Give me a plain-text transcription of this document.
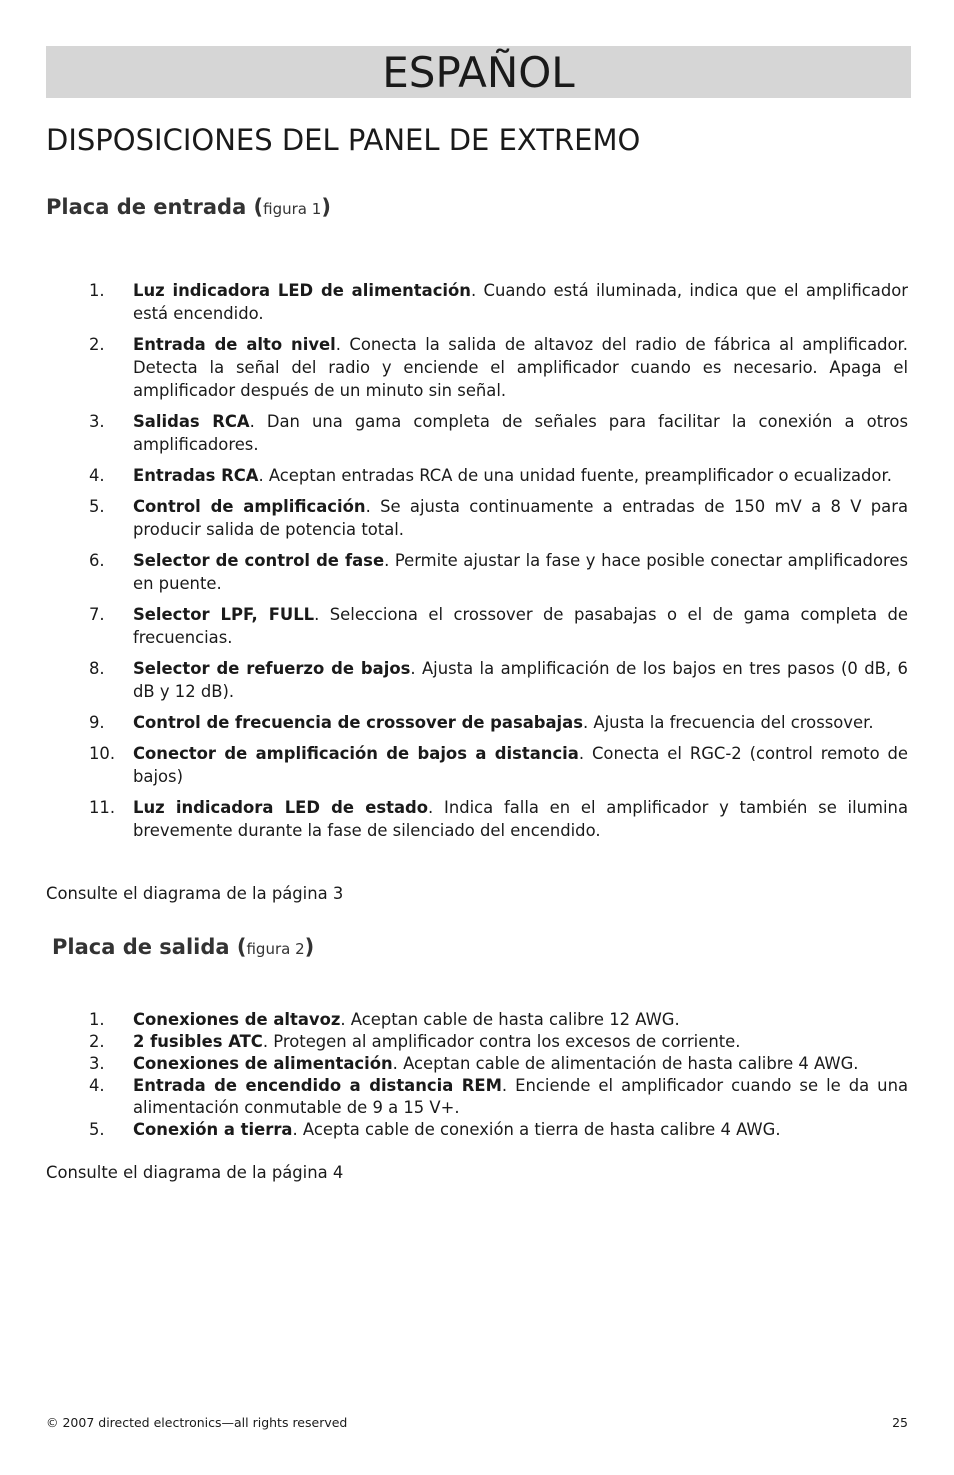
ESPAÑOL
DISPOSICIONES DEL PANEL DE EXTREMO
Placa de entrada (figura 1)
1.	Luz indicadora LED de alimentación. Cuando está iluminada, indica que el amplificador está encendido.
2.	Entrada de alto nivel. Conecta la salida de altavoz del radio de fábrica al amplificador. Detecta la señal del radio y enciende el amplificador cuando es necesario. Apaga el amplificador después de un minuto sin señal.
3.	Salidas RCA. Dan una gama completa de señales para facilitar la conexión a otros amplificadores.
4.	Entradas RCA. Aceptan entradas RCA de una unidad fuente, preamplificador o ecualizador.
5.	Control de amplificación. Se ajusta continuamente a entradas de 150 mV a 8 V para producir salida de potencia total.
6.	Selector de control de fase. Permite ajustar la fase y hace posible conectar amplificadores en puente.
7.	Selector LPF, FULL. Selecciona el crossover de pasabajas o el de gama completa de frecuencias.
8.	Selector de refuerzo de bajos. Ajusta la amplificación de los bajos en tres pasos (0 dB, 6 dB y 12 dB).
9.	Control de frecuencia de crossover de pasabajas. Ajusta la frecuencia del crossover.
10.	Conector de amplificación de bajos a distancia. Conecta el RGC-2 (control remoto de bajos)
11.	Luz indicadora LED de estado. Indica falla en el amplificador y también se ilumina brevemente durante la fase de silenciado del encendido.

Consulte el diagrama de la página 3

Placa de salida (figura 2)
1.	Conexiones de altavoz. Aceptan cable de hasta calibre 12 AWG.
2.	2 fusibles ATC. Protegen al amplificador contra los excesos de corriente.
3.	Conexiones de alimentación. Aceptan cable de alimentación de hasta calibre 4 AWG.
4.	Entrada de encendido a distancia REM. Enciende el amplificador cuando se le da una alimentación conmutable de 9 a 15 V+.
5.	Conexión a tierra. Acepta cable de conexión a tierra de hasta calibre 4 AWG.

Consulte el diagrama de la página 4

© 2007 directed electronics—all rights reserved	25
